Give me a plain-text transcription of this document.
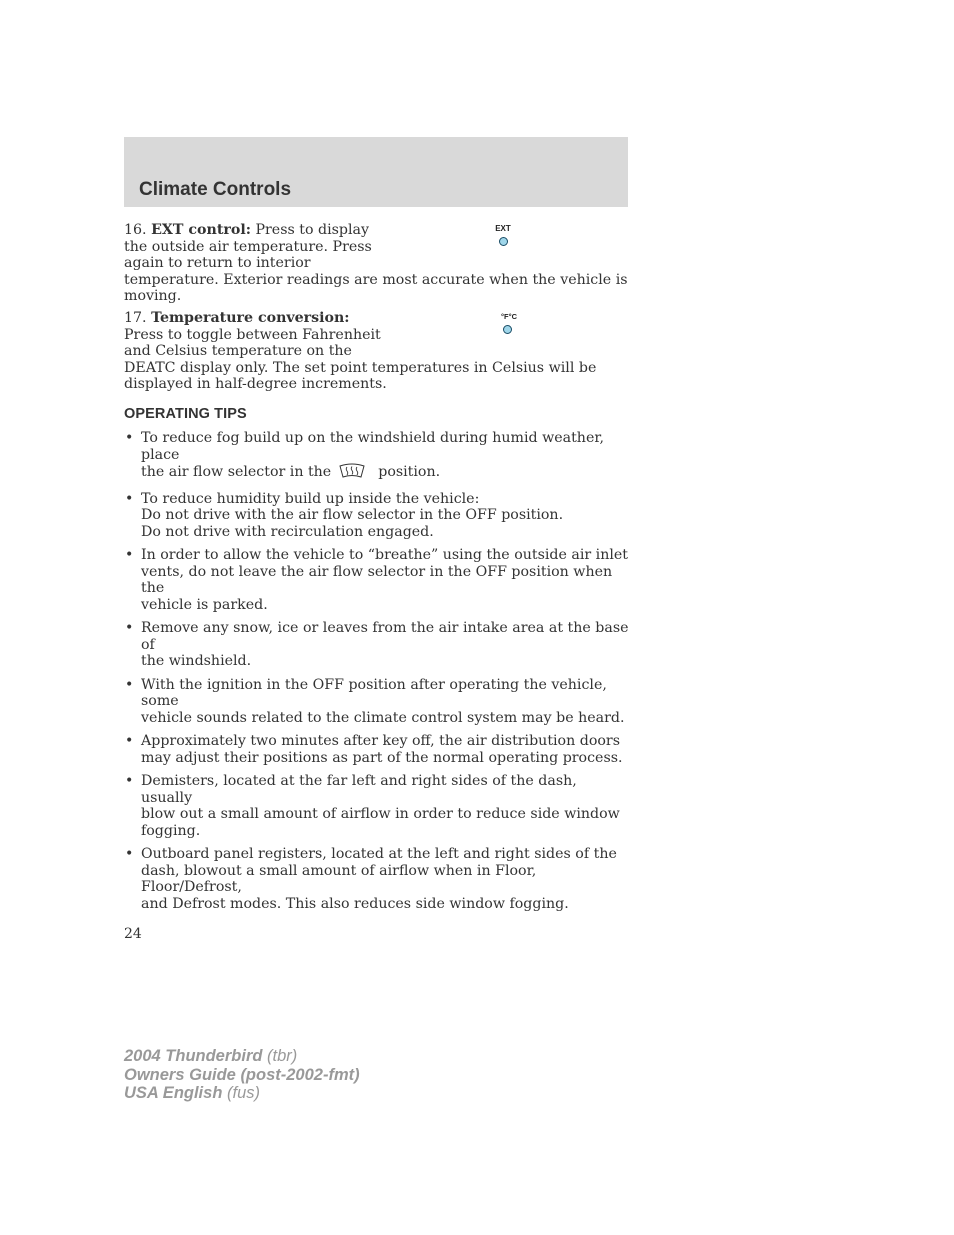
Climate Controls
16. EXT control: Press to display
the outside air temperature. Press
again to return to interior
temperature. Exterior readings are most accurate when the vehicle is
moving.
EXT
17. Temperature conversion:
Press to toggle between Fahrenheit
and Celsius temperature on the
DEATC display only. The set point temperatures in Celsius will be
displayed in half-degree increments.
°F°C
OPERATING TIPS
• To reduce fog build up on the windshield during humid weather, place
the air flow selector in the	position.
• To reduce humidity build up inside the vehicle:
Do not drive with the air flow selector in the OFF position.
Do not drive with recirculation engaged.
• In order to allow the vehicle to “breathe” using the outside air inlet
vents, do not leave the air flow selector in the OFF position when the
vehicle is parked.
• Remove any snow, ice or leaves from the air intake area at the base of
the windshield.
• With the ignition in the OFF position after operating the vehicle, some
vehicle sounds related to the climate control system may be heard.
• Approximately two minutes after key off, the air distribution doors
may adjust their positions as part of the normal operating process.
• Demisters, located at the far left and right sides of the dash, usually
blow out a small amount of airflow in order to reduce side window
fogging.
• Outboard panel registers, located at the left and right sides of the
dash, blowout a small amount of airflow when in Floor, Floor/Defrost,
and Defrost modes. This also reduces side window fogging.
24
2004 Thunderbird (tbr)
Owners Guide (post-2002-fmt)
USA English (fus)
